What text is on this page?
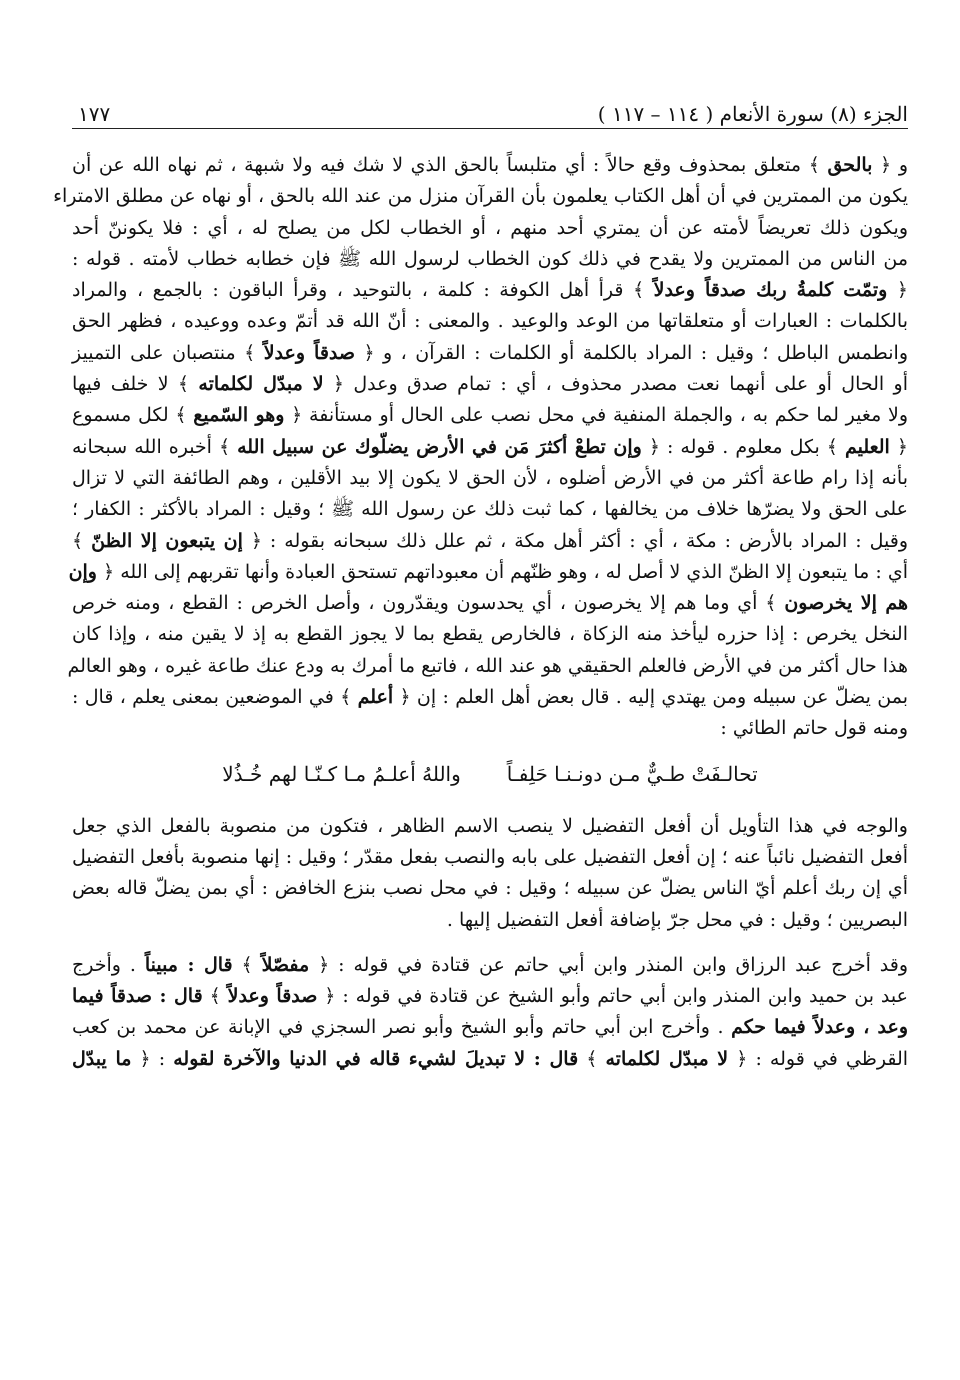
١٧٧	الجزء (٨) سورة الأنعام ( ١١٤ – ١١٧ )
و ﴿ بالحق ﴾ متعلق بمحذوف وقع حالاً : أي متلبساً بالحق الذي لا شك فيه ولا شبهة ، ثم نهاه الله عن أن
يكون من الممترين في أن أهل الكتاب يعلمون بأن القرآن منزل من عند الله بالحق ، أو نهاه عن مطلق الامتراء
ويكون ذلك تعريضاً لأمته عن أن يمتري أحد منهم ، أو الخطاب لكل من يصلح له ، أي : فلا يكوننّ أحد
من الناس من الممترين ولا يقدح في ذلك كون الخطاب لرسول الله ﷺ فإن خطابه خطاب لأمته . قوله :
﴿ وتمّت كلمةُ ربك صدقاً وعدلاً ﴾ قرأ أهل الكوفة : كلمة ، بالتوحيد ، وقرأ الباقون : بالجمع ، والمراد
بالكلمات : العبارات أو متعلقاتها من الوعد والوعيد . والمعنى : أنّ الله قد أتمّ وعده ووعيده ، فظهر الحق
وانطمس الباطل ؛ وقيل : المراد بالكلمة أو الكلمات : القرآن ، و ﴿ صدقاً وعدلاً ﴾ منتصبان على التمييز
أو الحال أو على أنهما نعت مصدر محذوف ، أي : تمام صدق وعدل ﴿ لا مبدّل لكلماته ﴾ لا خلف فيها
ولا مغير لما حكم به ، والجملة المنفية في محل نصب على الحال أو مستأنفة ﴿ وهو السّميع ﴾ لكل مسموع
﴿ العليم ﴾ بكل معلوم . قوله : ﴿ وإن تطعْ أكثرَ مَن في الأرض يضلّوك عن سبيل الله ﴾ أخبره الله سبحانه
بأنه إذا رام طاعة أكثر من في الأرض أضلوه ، لأن الحق لا يكون إلا بيد الأقلين ، وهم الطائفة التي لا تزال
على الحق ولا يضرّها خلاف من يخالفها ، كما ثبت ذلك عن رسول الله ﷺ ؛ وقيل : المراد بالأكثر : الكفار ؛
وقيل : المراد بالأرض : مكة ، أي : أكثر أهل مكة ، ثم علل ذلك سبحانه بقوله : ﴿ إن يتبعون إلا الظنّ ﴾
أي : ما يتبعون إلا الظنّ الذي لا أصل له ، وهو ظنّهم أن معبوداتهم تستحق العبادة وأنها تقربهم إلى الله ﴿ وإن
هم إلا يخرصون ﴾ أي وما هم إلا يخرصون ، أي يحدسون ويقدّرون ، وأصل الخرص : القطع ، ومنه خرص
النخل يخرص : إذا حزره ليأخذ منه الزكاة ، فالخارص يقطع بما لا يجوز القطع به إذ لا يقين منه ، وإذا كان
هذا حال أكثر من في الأرض فالعلم الحقيقي هو عند الله ، فاتبع ما أمرك به ودع عنك طاعة غيره ، وهو العالم
بمن يضلّ عن سبيله ومن يهتدي إليه . قال بعض أهل العلم : إن ﴿ أعلم ﴾ في الموضعين بمعنى يعلم ، قال :
ومنه قول حاتم الطائي :
تحالـفَتْ طـيٌّ مـن دونـنـا حَلِفـاً
واللهُ أعلـمُ مـا كـنّـا لهم خُـذُلا
والوجه في هذا التأويل أن أفعل التفضيل لا ينصب الاسم الظاهر ، فتكون من منصوبة بالفعل الذي جعل
أفعل التفضيل نائباً عنه ؛ إن أفعل التفضيل على بابه والنصب بفعل مقدّر ؛ وقيل : إنها منصوبة بأفعل التفضيل
أي إن ربك أعلم أيّ الناس يضلّ عن سبيله ؛ وقيل : في محل نصب بنزع الخافض : أي بمن يضلّ قاله بعض
البصريين ؛ وقيل : في محل جرّ بإضافة أفعل التفضيل إليها .
وقد أخرج عبد الرزاق وابن المنذر وابن أبي حاتم عن قتادة في قوله : ﴿ مفصّلاً ﴾ قال : مبيناً . وأخرج
عبد بن حميد وابن المنذر وابن أبي حاتم وأبو الشيخ عن قتادة في قوله : ﴿ صدقاً وعدلاً ﴾ قال : صدقاً فيما
وعد ، وعدلاً فيما حكم . وأخرج ابن أبي حاتم وأبو الشيخ وأبو نصر السجزي في الإبانة عن محمد بن كعب
القرظي في قوله : ﴿ لا مبدّل لكلماته ﴾ قال : لا تبديلَ لشيء قاله في الدنيا والآخرة لقوله : ﴿ ما يبدّل
